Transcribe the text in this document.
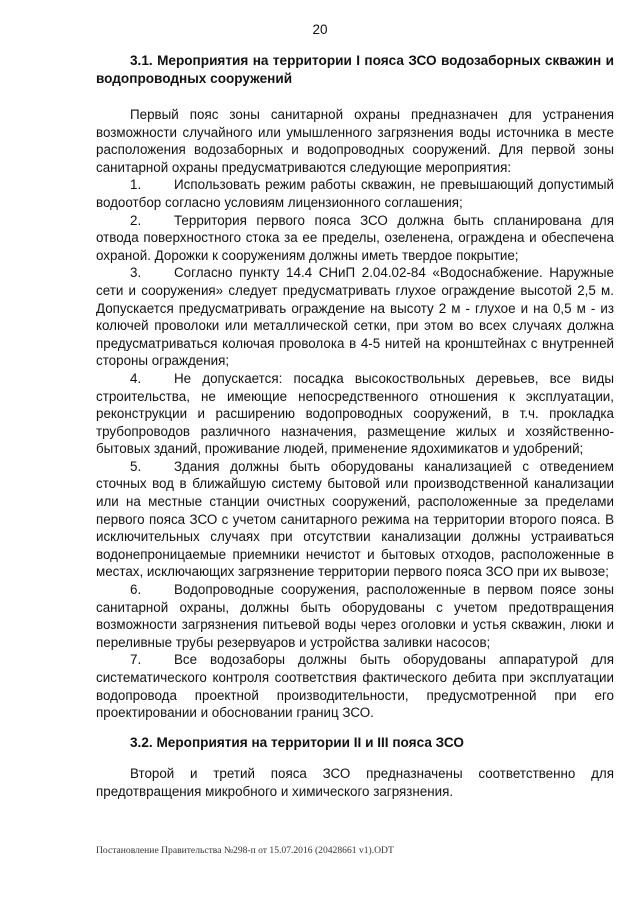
20
3.1. Мероприятия на территории I пояса ЗСО водозаборных скважин и водопроводных сооружений

Первый пояс зоны санитарной охраны предназначен для устранения возможности случайного или умышленного загрязнения воды источника в месте расположения водозаборных и водопроводных сооружений. Для первой зоны санитарной охраны предусматриваются следующие мероприятия:

1. Использовать режим работы скважин, не превышающий допустимый водоотбор согласно условиям лицензионного соглашения;

2. Территория первого пояса ЗСО должна быть спланирована для отвода поверхностного стока за ее пределы, озеленена, ограждена и обеспечена охраной. Дорожки к сооружениям должны иметь твердое покрытие;

3. Согласно пункту 14.4 СНиП 2.04.02-84 «Водоснабжение. Наружные сети и сооружения» следует предусматривать глухое ограждение высотой 2,5 м. Допускается предусматривать ограждение на высоту 2 м - глухое и на 0,5 м - из колючей проволоки или металлической сетки, при этом во всех случаях должна предусматриваться колючая проволока в 4-5 нитей на кронштейнах с внутренней стороны ограждения;

4. Не допускается: посадка высокоствольных деревьев, все виды строительства, не имеющие непосредственного отношения к эксплуатации, реконструкции и расширению водопроводных сооружений, в т.ч. прокладка трубопроводов различного назначения, размещение жилых и хозяйственно-бытовых зданий, проживание людей, применение ядохимикатов и удобрений;

5. Здания должны быть оборудованы канализацией с отведением сточных вод в ближайшую систему бытовой или производственной канализации или на местные станции очистных сооружений, расположенные за пределами первого пояса ЗСО с учетом санитарного режима на территории второго пояса. В исключительных случаях при отсутствии канализации должны устраиваться водонепроницаемые приемники нечистот и бытовых отходов, расположенные в местах, исключающих загрязнение территории первого пояса ЗСО при их вывозе;

6. Водопроводные сооружения, расположенные в первом поясе зоны санитарной охраны, должны быть оборудованы с учетом предотвращения возможности загрязнения питьевой воды через оголовки и устья скважин, люки и переливные трубы резервуаров и устройства заливки насосов;

7. Все водозаборы должны быть оборудованы аппаратурой для систематического контроля соответствия фактического дебита при эксплуатации водопровода проектной производительности, предусмотренной при его проектировании и обосновании границ ЗСО.

3.2. Мероприятия на территории II и III пояса ЗСО

Второй и третий пояса ЗСО предназначены соответственно для предотвращения микробного и химического загрязнения.

Постановление Правительства №298-п от 15.07.2016 (20428661 v1).ODT
